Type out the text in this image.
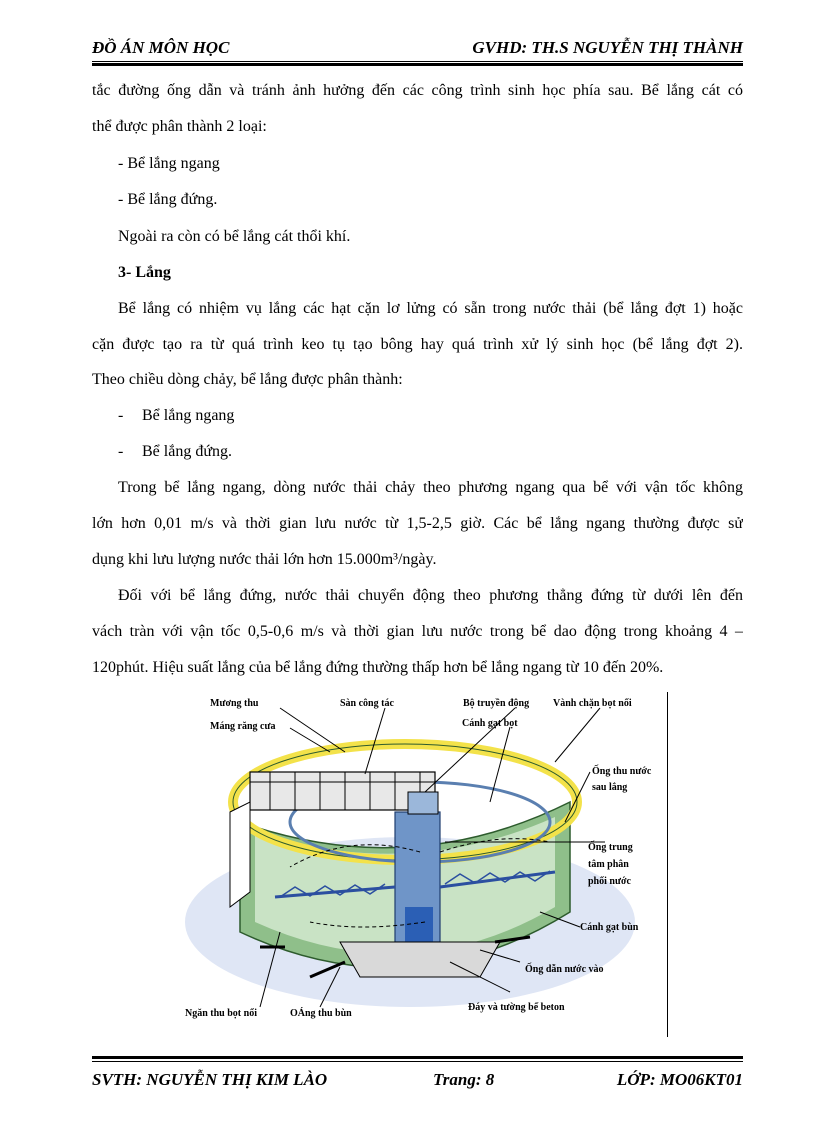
ĐỒ ÁN MÔN HỌC	GVHD: TH.S NGUYỄN THỊ THÀNH
tắc đường ống dẫn và tránh ảnh hưởng đến các công trình sinh học phía sau. Bể lắng cát có
thể được phân thành 2 loại:
- Bể lắng ngang
- Bể lắng đứng.
Ngoài ra còn có bể lắng cát thổi khí.
3- Lắng
Bể lắng có nhiệm vụ lắng các hạt cặn lơ lửng có sẵn trong nước thải (bể lắng đợt 1) hoặc
cặn được tạo ra từ quá trình keo tụ tạo bông hay quá trình xử lý sinh học (bể lắng đợt 2).
Theo chiều dòng chảy, bể lắng được phân thành:
- Bể lắng ngang
- Bể lắng đứng.
Trong bể lắng ngang, dòng nước thải chảy theo phương ngang qua bể với vận tốc không
lớn hơn 0,01 m/s và thời gian lưu nước từ 1,5-2,5 giờ. Các bể lắng ngang thường được sử
dụng khi lưu lượng nước thải lớn hơn 15.000m³/ngày.
Đối với bể lắng đứng, nước thải chuyển động theo phương thẳng đứng từ dưới lên đến
vách tràn với vận tốc 0,5-0,6 m/s và thời gian lưu nước trong bể dao động trong khoảng 4 –
120phút. Hiệu suất lắng của bể lắng đứng thường thấp hơn bể lắng ngang từ 10 đến 20%.
Mương thu
Máng răng cưa
Sàn công tác	Bộ truyền động Vành chặn bọt nổi
Cánh gạt bọt
Ống thu nước
sau lắng
Ống trung
tâm phân
phối nước
Cánh gạt bùn
Ống dẫn nước vào
Đáy và tường bể beton
Ngăn thu bọt nổi	OÁng thu bùn
SVTH: NGUYỄN THỊ KIM LÀO	Trang: 8	LỚP: MO06KT01
